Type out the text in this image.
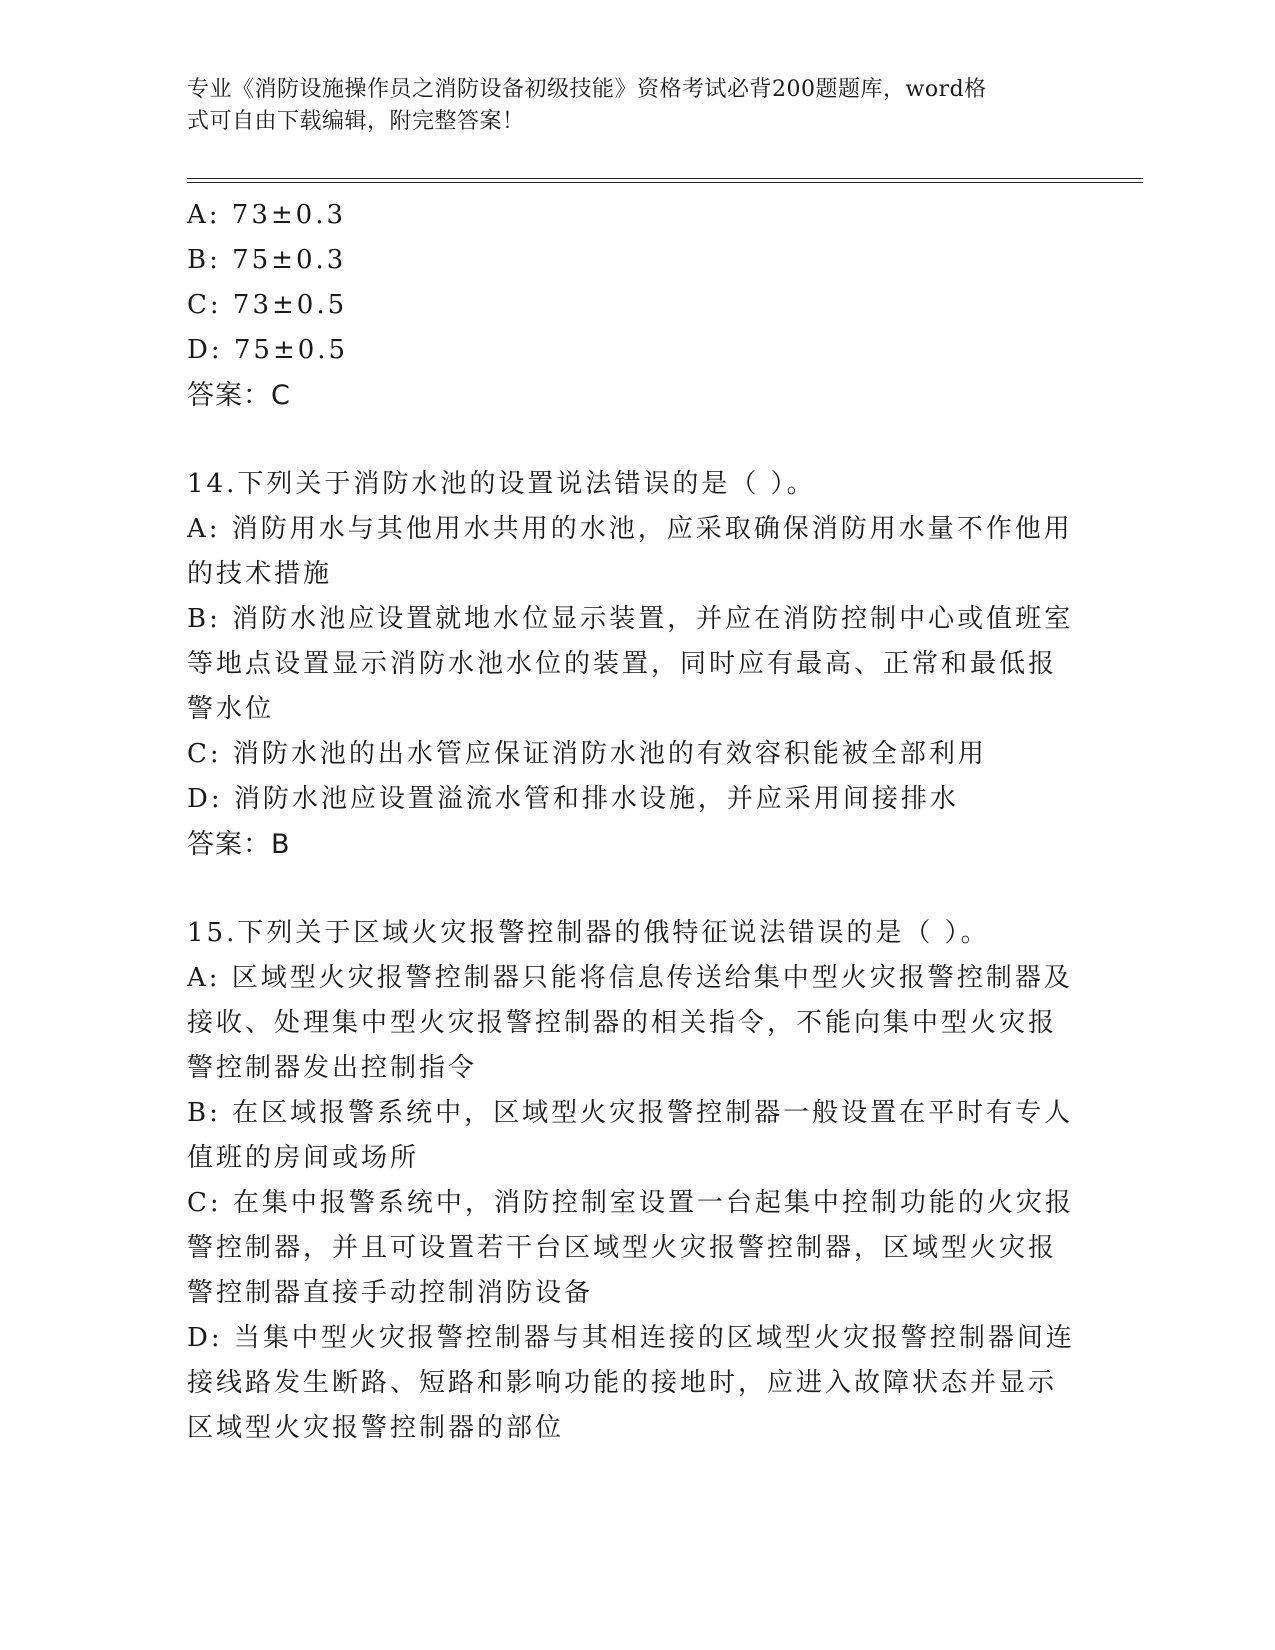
专业《消防设施操作员之消防设备初级技能》资格考试必背200题题库，word格
式可自由下载编辑，附完整答案！
A: 73±0.3
B: 75±0.3
C: 73±0.5
D: 75±0.5
答案：C
14.下列关于消防水池的设置说法错误的是（ ）。
A: 消防用水与其他用水共用的水池，应采取确保消防用水量不作他用
的技术措施
B: 消防水池应设置就地水位显示装置，并应在消防控制中心或值班室
等地点设置显示消防水池水位的装置，同时应有最高、正常和最低报
警水位
C: 消防水池的出水管应保证消防水池的有效容积能被全部利用
D: 消防水池应设置溢流水管和排水设施，并应采用间接排水
答案：B
15.下列关于区域火灾报警控制器的俄特征说法错误的是（ ）。
A: 区域型火灾报警控制器只能将信息传送给集中型火灾报警控制器及
接收、处理集中型火灾报警控制器的相关指令，不能向集中型火灾报
警控制器发出控制指令
B: 在区域报警系统中，区域型火灾报警控制器一般设置在平时有专人
值班的房间或场所
C: 在集中报警系统中，消防控制室设置一台起集中控制功能的火灾报
警控制器，并且可设置若干台区域型火灾报警控制器，区域型火灾报
警控制器直接手动控制消防设备
D: 当集中型火灾报警控制器与其相连接的区域型火灾报警控制器间连
接线路发生断路、短路和影响功能的接地时，应进入故障状态并显示
区域型火灾报警控制器的部位
